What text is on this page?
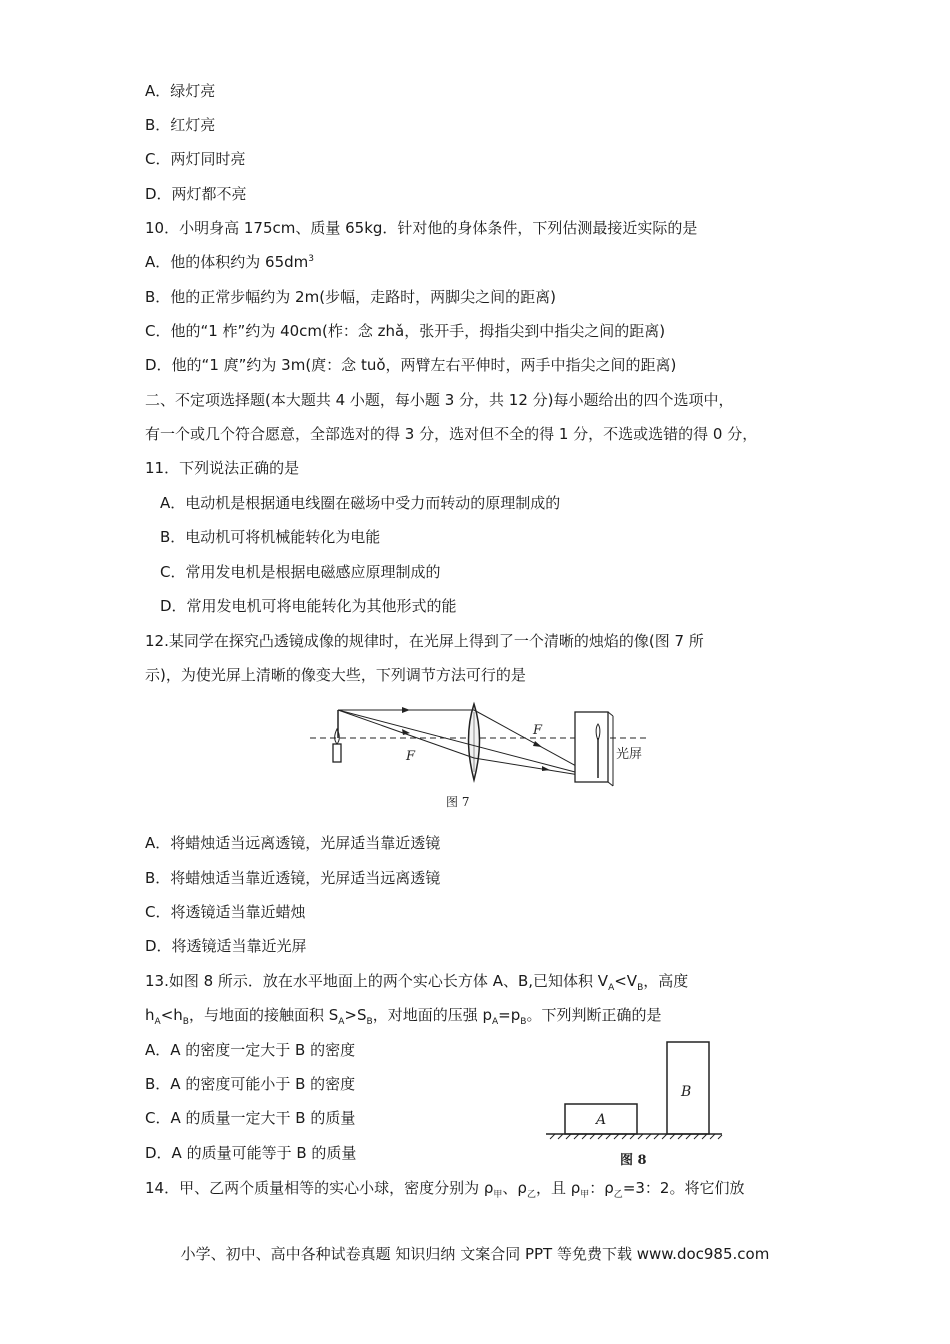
A．绿灯亮
B．红灯亮
C．两灯同时亮
D．两灯都不亮
10．小明身高 175cm、质量 65kg．针对他的身体条件，下列估测最接近实际的是
A．他的体积约为 $65dm^3$
B．他的正常步幅约为 2m(步幅，走路时，两脚尖之间的距离)
C．他的“1 柞”约为 40cm(柞：念 zhǎ，张开手，拇指尖到中指尖之间的距离)
D．他的“1 庹”约为 3m(庹：念 tuǒ，两臂左右平伸时，两手中指尖之间的距离)
二、不定项选择题(本大题共 4 小题，每小题 3 分，共 12 分)每小题给出的四个选项中，
有一个或几个符合愿意，全部选对的得 3 分，选对但不全的得 1 分，不选或选错的得 0 分，
11．下列说法正确的是
A．电动机是根据通电线圈在磁场中受力而转动的原理制成的
B．电动机可将机械能转化为电能
C．常用发电机是根据电磁感应原理制成的
D．常用发电机可将电能转化为其他形式的能
12.某同学在探究凸透镜成像的规律时，在光屏上得到了一个清晰的烛焰的像(图 7 所
示)，为使光屏上清晰的像变大些，下列调节方法可行的是
F
F
光屏
图 7
A．将蜡烛适当远离透镜，光屏适当靠近透镜
B．将蜡烛适当靠近透镜，光屏适当远离透镜
C．将透镜适当靠近蜡烛
D．将透镜适当靠近光屏
13.如图 8 所示．放在水平地面上的两个实心长方体 A、B,已知体积 $V_A<V_B$，高度
$h_A<h_B$，与地面的接触面积 $S_A>S_B$，对地面的压强 $p_A=p_B$。下列判断正确的是
A．A 的密度一定大于 B 的密度
B．A 的密度可能小于 B 的密度
C．A 的质量一定大干 B 的质量
D．A 的质量可能等于 B 的质量
A
B
图 8
14．甲、乙两个质量相等的实心小球，密度分别为 $\rho_甲$、$\rho_乙$，且 $\rho_甲$：$\rho_乙=3$：2。将它们放
小学、初中、高中各种试卷真题 知识归纳 文案合同 PPT 等免费下载 www.doc985.com
